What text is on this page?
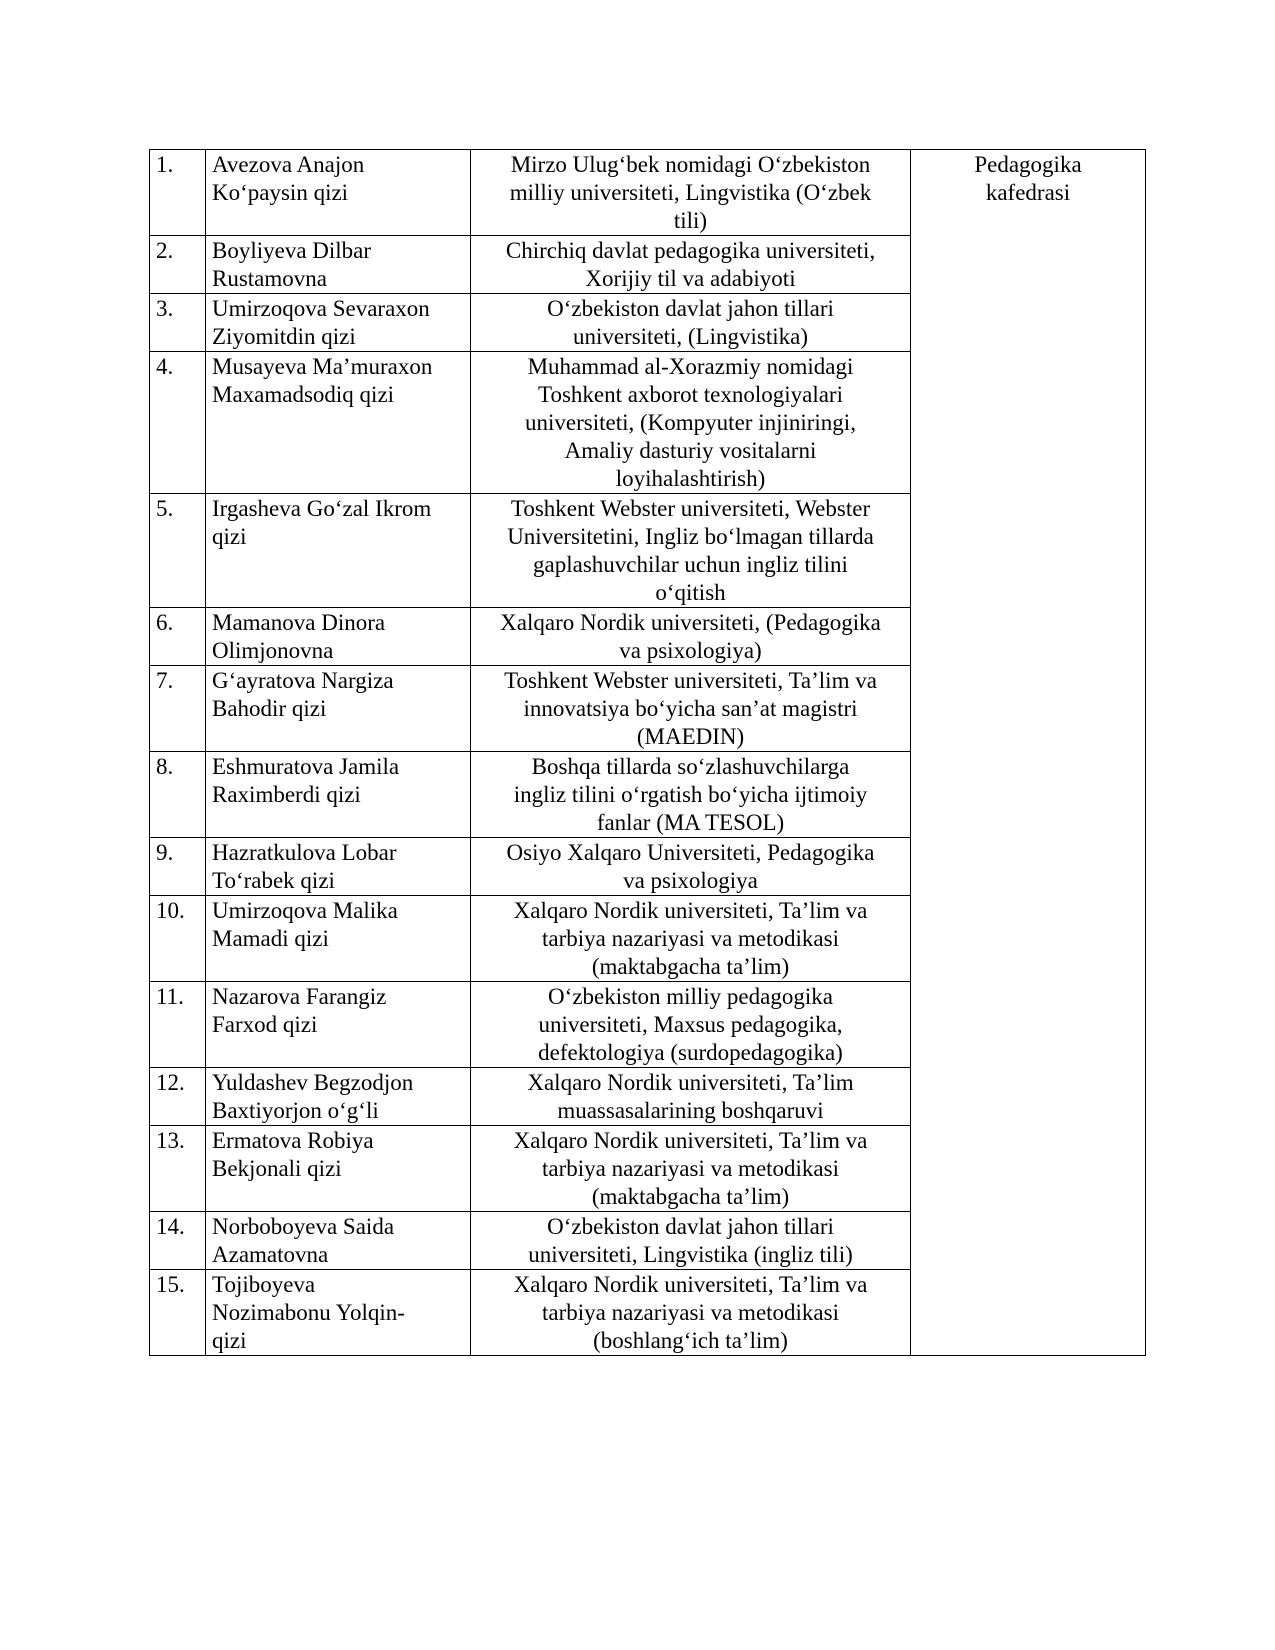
1.	Avezova Anajon
Ko‘paysin qizi	Mirzo Ulug‘bek nomidagi O‘zbekiston
milliy universiteti, Lingvistika (O‘zbek
tili)	Pedagogika
kafedrasi
2.	Boyliyeva Dilbar
Rustamovna	Chirchiq davlat pedagogika universiteti,
Xorijiy til va adabiyoti	
3.	Umirzoqova Sevaraxon
Ziyomitdin qizi	O‘zbekiston davlat jahon tillari
universiteti, (Lingvistika)	
4.	Musayeva Ma’muraxon
Maxamadsodiq qizi	Muhammad al-Xorazmiy nomidagi
Toshkent axborot texnologiyalari
universiteti, (Kompyuter injiniringi,
Amaliy dasturiy vositalarni
loyihalashtirish)	
5.	Irgasheva Go‘zal Ikrom
qizi	Toshkent Webster universiteti, Webster
Universitetini, Ingliz bo‘lmagan tillarda
gaplashuvchilar uchun ingliz tilini
o‘qitish	
6.	Mamanova Dinora
Olimjonovna	Xalqaro Nordik universiteti, (Pedagogika
va psixologiya)	
7.	G‘ayratova Nargiza
Bahodir qizi	Toshkent Webster universiteti, Ta’lim va
innovatsiya bo‘yicha san’at magistri
(MAEDIN)	
8.	Eshmuratova Jamila
Raximberdi qizi	Boshqa tillarda so‘zlashuvchilarga
ingliz tilini o‘rgatish bo‘yicha ijtimoiy
fanlar (MA TESOL)	
9.	Hazratkulova Lobar
To‘rabek qizi	Osiyo Xalqaro Universiteti, Pedagogika
va psixologiya	
10.	Umirzoqova Malika
Mamadi qizi	Xalqaro Nordik universiteti, Ta’lim va
tarbiya nazariyasi va metodikasi
(maktabgacha ta’lim)	
11.	Nazarova Farangiz
Farxod qizi	O‘zbekiston milliy pedagogika
universiteti, Maxsus pedagogika,
defektologiya (surdopedagogika)	
12.	Yuldashev Begzodjon
Baxtiyorjon o‘g‘li	Xalqaro Nordik universiteti, Ta’lim
muassasalarining boshqaruvi	
13.	Ermatova Robiya
Bekjonali qizi	Xalqaro Nordik universiteti, Ta’lim va
tarbiya nazariyasi va metodikasi
(maktabgacha ta’lim)	
14.	Norboboyeva Saida
Azamatovna	O‘zbekiston davlat jahon tillari
universiteti, Lingvistika (ingliz tili)	
15.	Tojiboyeva
Nozimabonu Yolqin-
qizi	Xalqaro Nordik universiteti, Ta’lim va
tarbiya nazariyasi va metodikasi
(boshlang‘ich ta’lim)	
